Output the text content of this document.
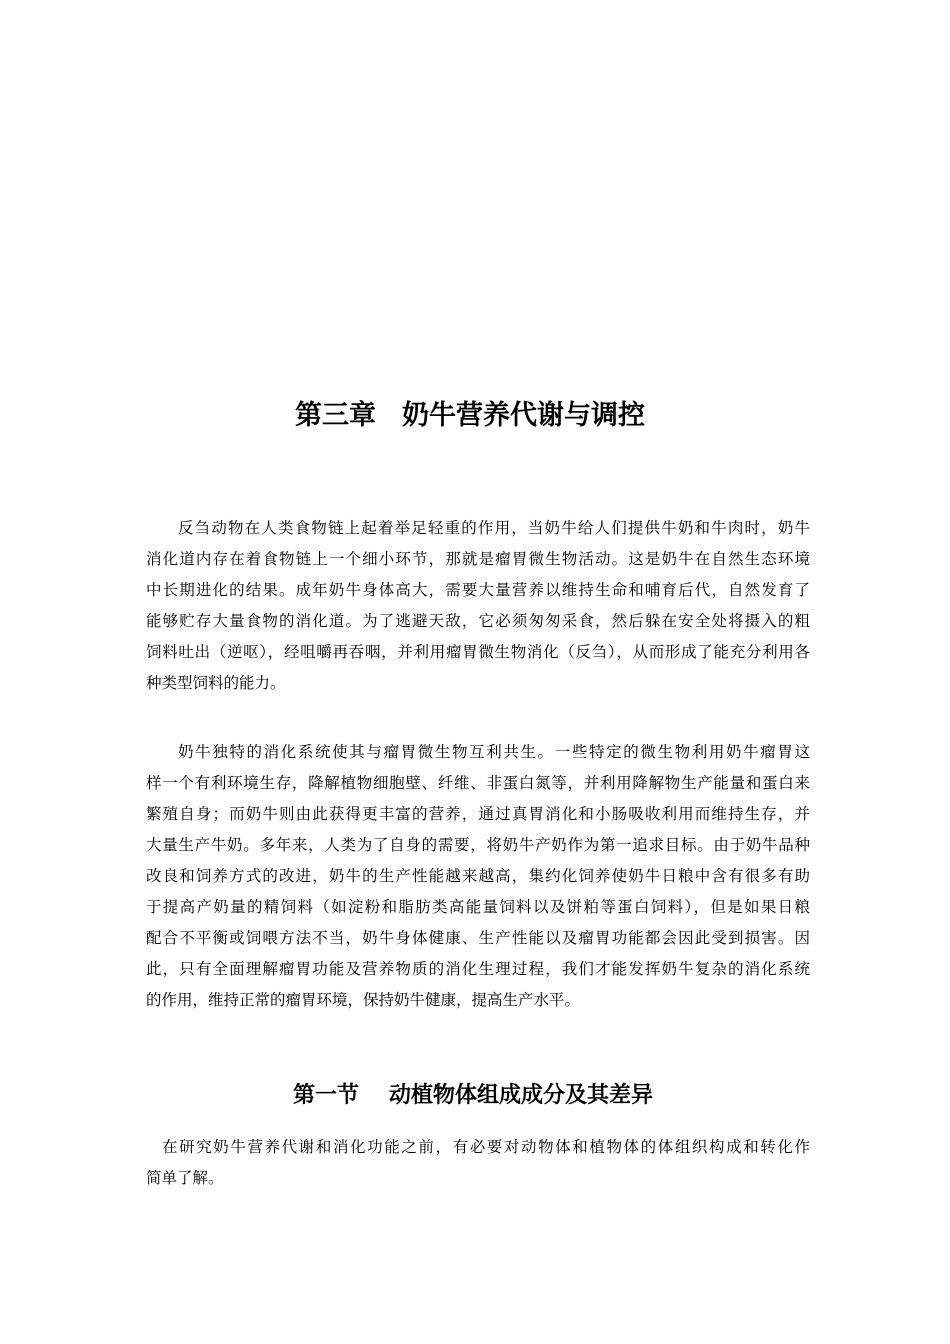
第三章 奶牛营养代谢与调控
反刍动物在人类食物链上起着举足轻重的作用，当奶牛给人们提供牛奶和牛肉时，奶牛
消化道内存在着食物链上一个细小环节，那就是瘤胃微生物活动。这是奶牛在自然生态环境
中长期进化的结果。成年奶牛身体高大，需要大量营养以维持生命和哺育后代，自然发育了
能够贮存大量食物的消化道。为了逃避天敌，它必须匆匆采食，然后躲在安全处将摄入的粗
饲料吐出（逆呕），经咀嚼再吞咽，并利用瘤胃微生物消化（反刍），从而形成了能充分利用各
种类型饲料的能力。
奶牛独特的消化系统使其与瘤胃微生物互利共生。一些特定的微生物利用奶牛瘤胃这
样一个有利环境生存，降解植物细胞壁、纤维、非蛋白氮等，并利用降解物生产能量和蛋白来
繁殖自身；而奶牛则由此获得更丰富的营养，通过真胃消化和小肠吸收利用而维持生存，并
大量生产牛奶。多年来，人类为了自身的需要，将奶牛产奶作为第一追求目标。由于奶牛品种
改良和饲养方式的改进，奶牛的生产性能越来越高，集约化饲养使奶牛日粮中含有很多有助
于提高产奶量的精饲料（如淀粉和脂肪类高能量饲料以及饼粕等蛋白饲料），但是如果日粮
配合不平衡或饲喂方法不当，奶牛身体健康、生产性能以及瘤胃功能都会因此受到损害。因
此，只有全面理解瘤胃功能及营养物质的消化生理过程，我们才能发挥奶牛复杂的消化系统
的作用，维持正常的瘤胃环境，保持奶牛健康，提高生产水平。
第一节 动植物体组成成分及其差异
在研究奶牛营养代谢和消化功能之前，有必要对动物体和植物体的体组织构成和转化作
简单了解。
